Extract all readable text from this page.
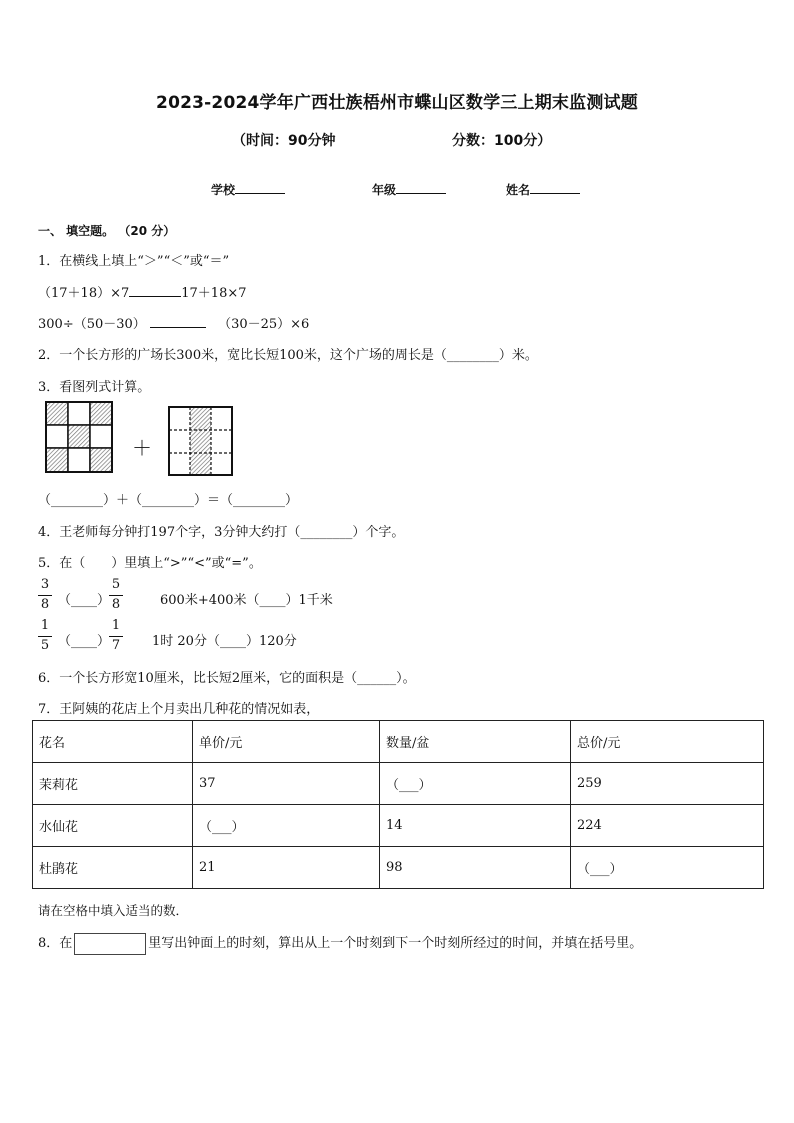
2023-2024学年广西壮族梧州市蝶山区数学三上期末监测试题
（时间：90分钟	分数：100分）
学校	年级	姓名
一、 填空题。 （20 分）
1．在横线上填上“＞”“＜”或“＝”
（17＋18）×7	17＋18×7
300÷（50－30）	（30－25）×6
2．一个长方形的广场长300米，宽比长短100米，这个广场的周长是（________）米。
3．看图列式计算。
＋
（________）＋（________）＝（________）
4．王老师每分钟打197个字，3分钟大约打（________）个字。
5．在（　　）里填上“>”“<”或“=”。
3
8 （____）
5
8	600米+400米（____）1千米
1
5 （____）
1
7 1时 20分（____）120分
6．一个长方形宽10厘米，比长短2厘米，它的面积是（______）。
7．王阿姨的花店上个月卖出几种花的情况如表，
花名	单价/元	数量/盆	总价/元
茉莉花	37	（___）	259
水仙花	（___）	14	224
杜鹃花	21	98	（___）
请在空格中填入适当的数．
8．在	里写出钟面上的时刻，算出从上一个时刻到下一个时刻所经过的时间，并填在括号里。
